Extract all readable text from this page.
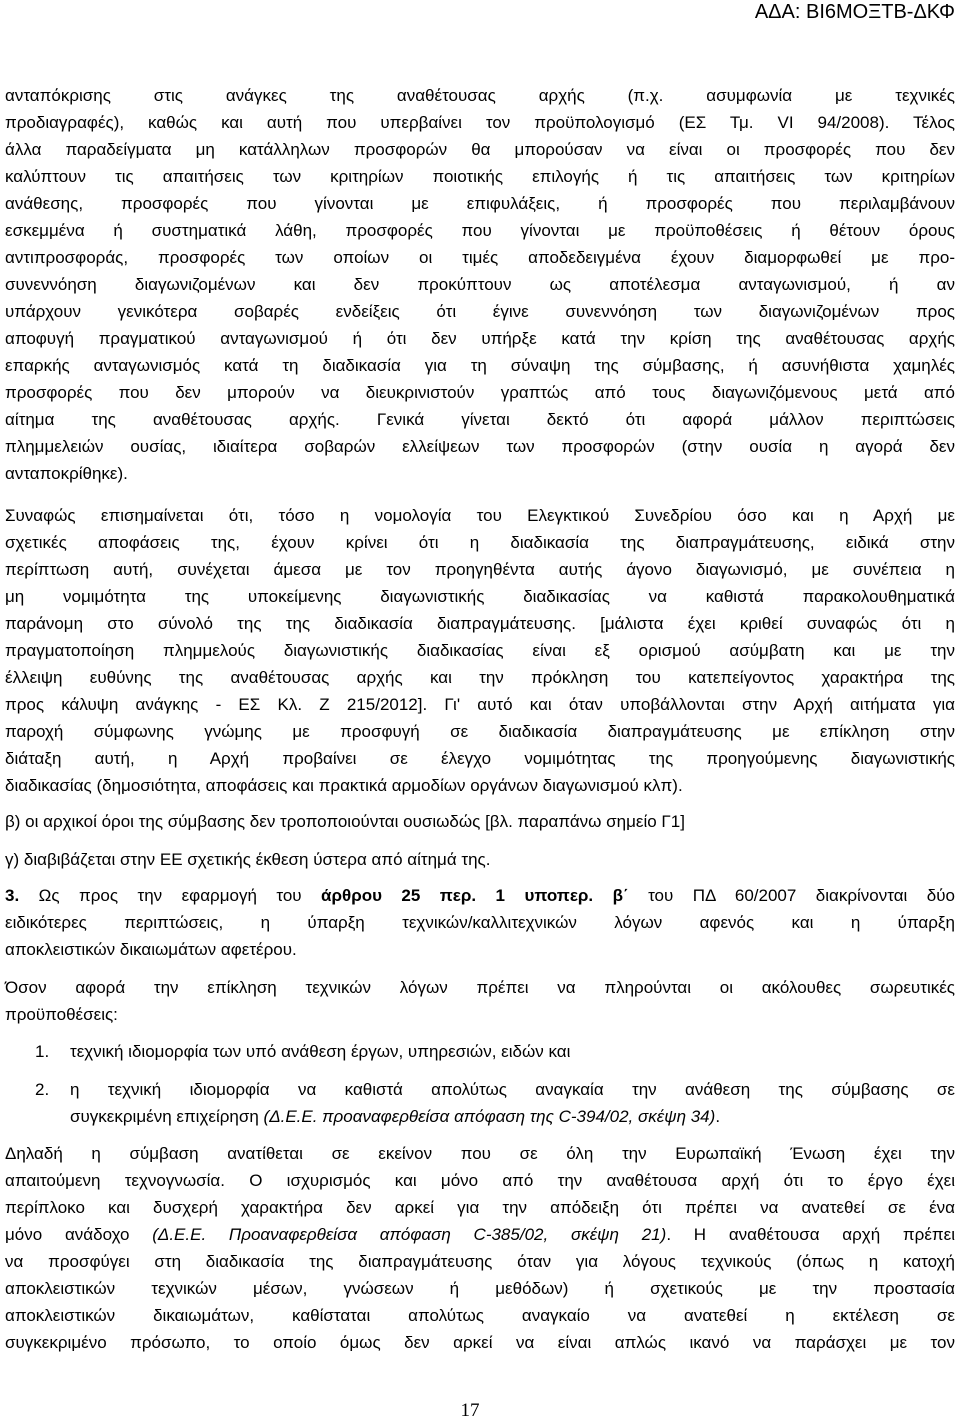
ΑΔΑ: ΒΙ6ΜΟΞΤΒ-ΔΚΦ
ανταπόκρισης στις ανάγκες της αναθέτουσας αρχής (π.χ. ασυμφωνία με τεχνικές
προδιαγραφές), καθώς και αυτή που υπερβαίνει τον προϋπολογισμό (ΕΣ Τμ. VI 94/2008). Τέλος
άλλα παραδείγματα μη κατάλληλων προσφορών θα μπορούσαν να είναι οι προσφορές που δεν
καλύπτουν τις απαιτήσεις των κριτηρίων ποιοτικής επιλογής ή τις απαιτήσεις των κριτηρίων
ανάθεσης, προσφορές που γίνονται με επιφυλάξεις, ή προσφορές που περιλαμβάνουν
εσκεμμένα ή συστηματικά λάθη, προσφορές που γίνονται με προϋποθέσεις ή θέτουν όρους
αντιπροσφοράς, προσφορές των οποίων οι τιμές αποδεδειγμένα έχουν διαμορφωθεί με προ-
συνεννόηση διαγωνιζομένων και δεν προκύπτουν ως αποτέλεσμα ανταγωνισμού, ή αν
υπάρχουν γενικότερα σοβαρές ενδείξεις ότι έγινε συνεννόηση των διαγωνιζομένων προς
αποφυγή πραγματικού ανταγωνισμού ή ότι δεν υπήρξε κατά την κρίση της αναθέτουσας αρχής
επαρκής ανταγωνισμός κατά τη διαδικασία για τη σύναψη της σύμβασης, ή ασυνήθιστα χαμηλές
προσφορές που δεν μπορούν να διευκρινιστούν γραπτώς από τους διαγωνιζόμενους μετά από
αίτημα της αναθέτουσας αρχής. Γενικά γίνεται δεκτό ότι αφορά μάλλον περιπτώσεις
πλημμελειών ουσίας, ιδιαίτερα σοβαρών ελλείψεων των προσφορών (στην ουσία η αγορά δεν
ανταποκρίθηκε).
Συναφώς επισημαίνεται ότι, τόσο η νομολογία του Ελεγκτικού Συνεδρίου όσο και η Αρχή με
σχετικές αποφάσεις της, έχουν κρίνει ότι η διαδικασία της διαπραγμάτευσης, ειδικά στην
περίπτωση αυτή, συνέχεται άμεσα με τον προηγηθέντα αυτής άγονο διαγωνισμό, με συνέπεια η
μη νομιμότητα της υποκείμενης διαγωνιστικής διαδικασίας να καθιστά παρακολουθηματικά
παράνομη στο σύνολό της της διαδικασία διαπραγμάτευσης. [μάλιστα έχει κριθεί συναφώς ότι η
πραγματοποίηση πλημμελούς διαγωνιστικής διαδικασίας είναι εξ ορισμού ασύμβατη και με την
έλλειψη ευθύνης της αναθέτουσας αρχής και την πρόκληση του κατεπείγοντος χαρακτήρα της
προς κάλυψη ανάγκης - ΕΣ Κλ. Ζ 215/2012]. Γι' αυτό και όταν υποβάλλονται στην Αρχή αιτήματα για
παροχή σύμφωνης γνώμης με προσφυγή σε διαδικασία διαπραγμάτευσης με επίκληση στην
διάταξη αυτή, η Αρχή προβαίνει σε έλεγχο νομιμότητας της προηγούμενης διαγωνιστικής
διαδικασίας (δημοσιότητα, αποφάσεις και πρακτικά αρμοδίων οργάνων διαγωνισμού κλπ).
β) οι αρχικοί όροι της σύμβασης δεν τροποποιούνται ουσιωδώς [βλ. παραπάνω σημείο Γ1]
γ) διαβιβάζεται στην ΕΕ σχετικής έκθεση ύστερα από αίτημά της.
3. Ως προς την εφαρμογή του άρθρου 25 περ. 1 υποπερ. β΄ του ΠΔ 60/2007 διακρίνονται δύο
ειδικότερες περιπτώσεις, η ύπαρξη τεχνικών/καλλιτεχνικών λόγων αφενός και η ύπαρξη
αποκλειστικών δικαιωμάτων αφετέρου.
Όσον αφορά την επίκληση τεχνικών λόγων πρέπει να πληρούνται οι ακόλουθες σωρευτικές
προϋποθέσεις:
1. τεχνική ιδιομορφία των υπό ανάθεση έργων, υπηρεσιών, ειδών και
2. η τεχνική ιδιομορφία να καθιστά απολύτως αναγκαία την ανάθεση της σύμβασης σε
συγκεκριμένη επιχείρηση (Δ.Ε.Ε. προαναφερθείσα απόφαση της C-394/02, σκέψη 34).
Δηλαδή η σύμβαση ανατίθεται σε εκείνον που σε όλη την Ευρωπαϊκή Ένωση έχει την
απαιτούμενη τεχνογνωσία. Ο ισχυρισμός και μόνο από την αναθέτουσα αρχή ότι το έργο έχει
περίπλοκο και δυσχερή χαρακτήρα δεν αρκεί για την απόδειξη ότι πρέπει να ανατεθεί σε ένα
μόνο ανάδοχο (Δ.Ε.Ε. Προαναφερθείσα απόφαση C-385/02, σκέψη 21). Η αναθέτουσα αρχή πρέπει
να προσφύγει στη διαδικασία της διαπραγμάτευσης όταν για λόγους τεχνικούς (όπως η κατοχή
αποκλειστικών τεχνικών μέσων, γνώσεων ή μεθόδων) ή σχετικούς με την προστασία
αποκλειστικών δικαιωμάτων, καθίσταται απολύτως αναγκαίο να ανατεθεί η εκτέλεση σε
συγκεκριμένο πρόσωπο, το οποίο όμως δεν αρκεί να είναι απλώς ικανό να παράσχει με τον
17
